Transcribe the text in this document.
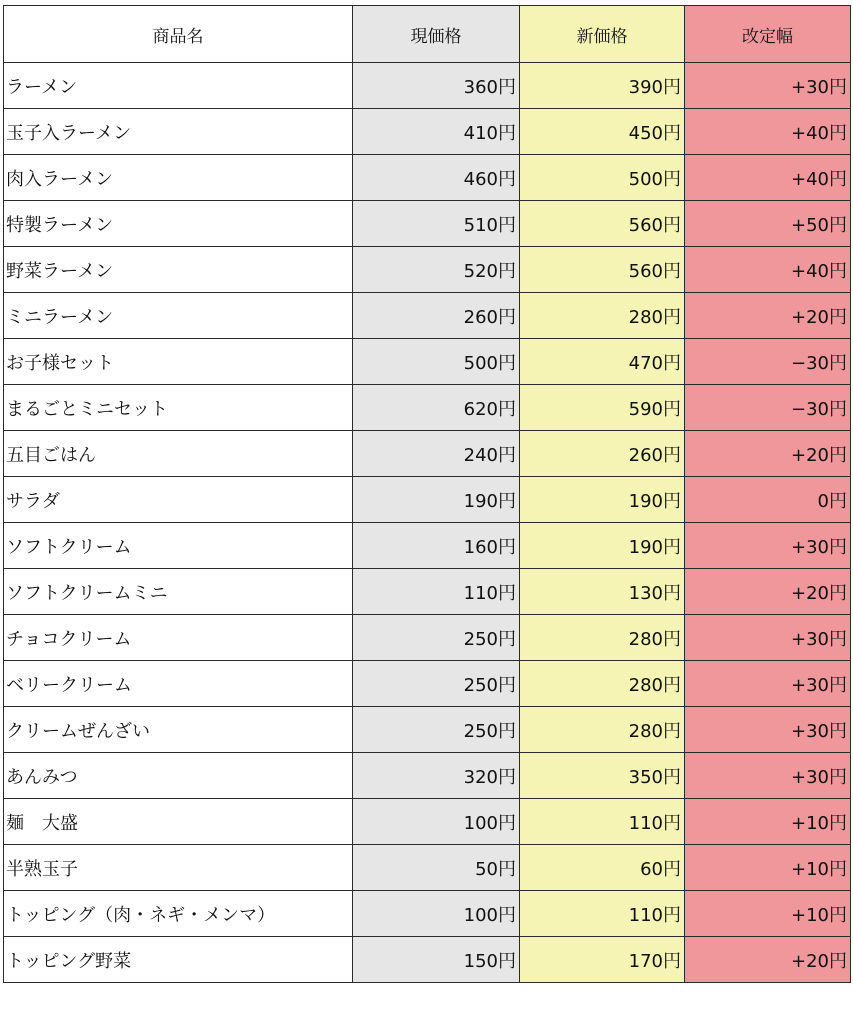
商品名	現価格	新価格	改定幅
ラーメン	360円	390円	+30円
玉子入ラーメン	410円	450円	+40円
肉入ラーメン	460円	500円	+40円
特製ラーメン	510円	560円	+50円
野菜ラーメン	520円	560円	+40円
ミニラーメン	260円	280円	+20円
お子様セット	500円	470円	−30円
まるごとミニセット	620円	590円	−30円
五目ごはん	240円	260円	+20円
サラダ	190円	190円	0円
ソフトクリーム	160円	190円	+30円
ソフトクリームミニ	110円	130円	+20円
チョコクリーム	250円	280円	+30円
ベリークリーム	250円	280円	+30円
クリームぜんざい	250円	280円	+30円
あんみつ	320円	350円	+30円
麺　大盛	100円	110円	+10円
半熟玉子	50円	60円	+10円
トッピング（肉・ネギ・メンマ）	100円	110円	+10円
トッピング野菜	150円	170円	+20円
